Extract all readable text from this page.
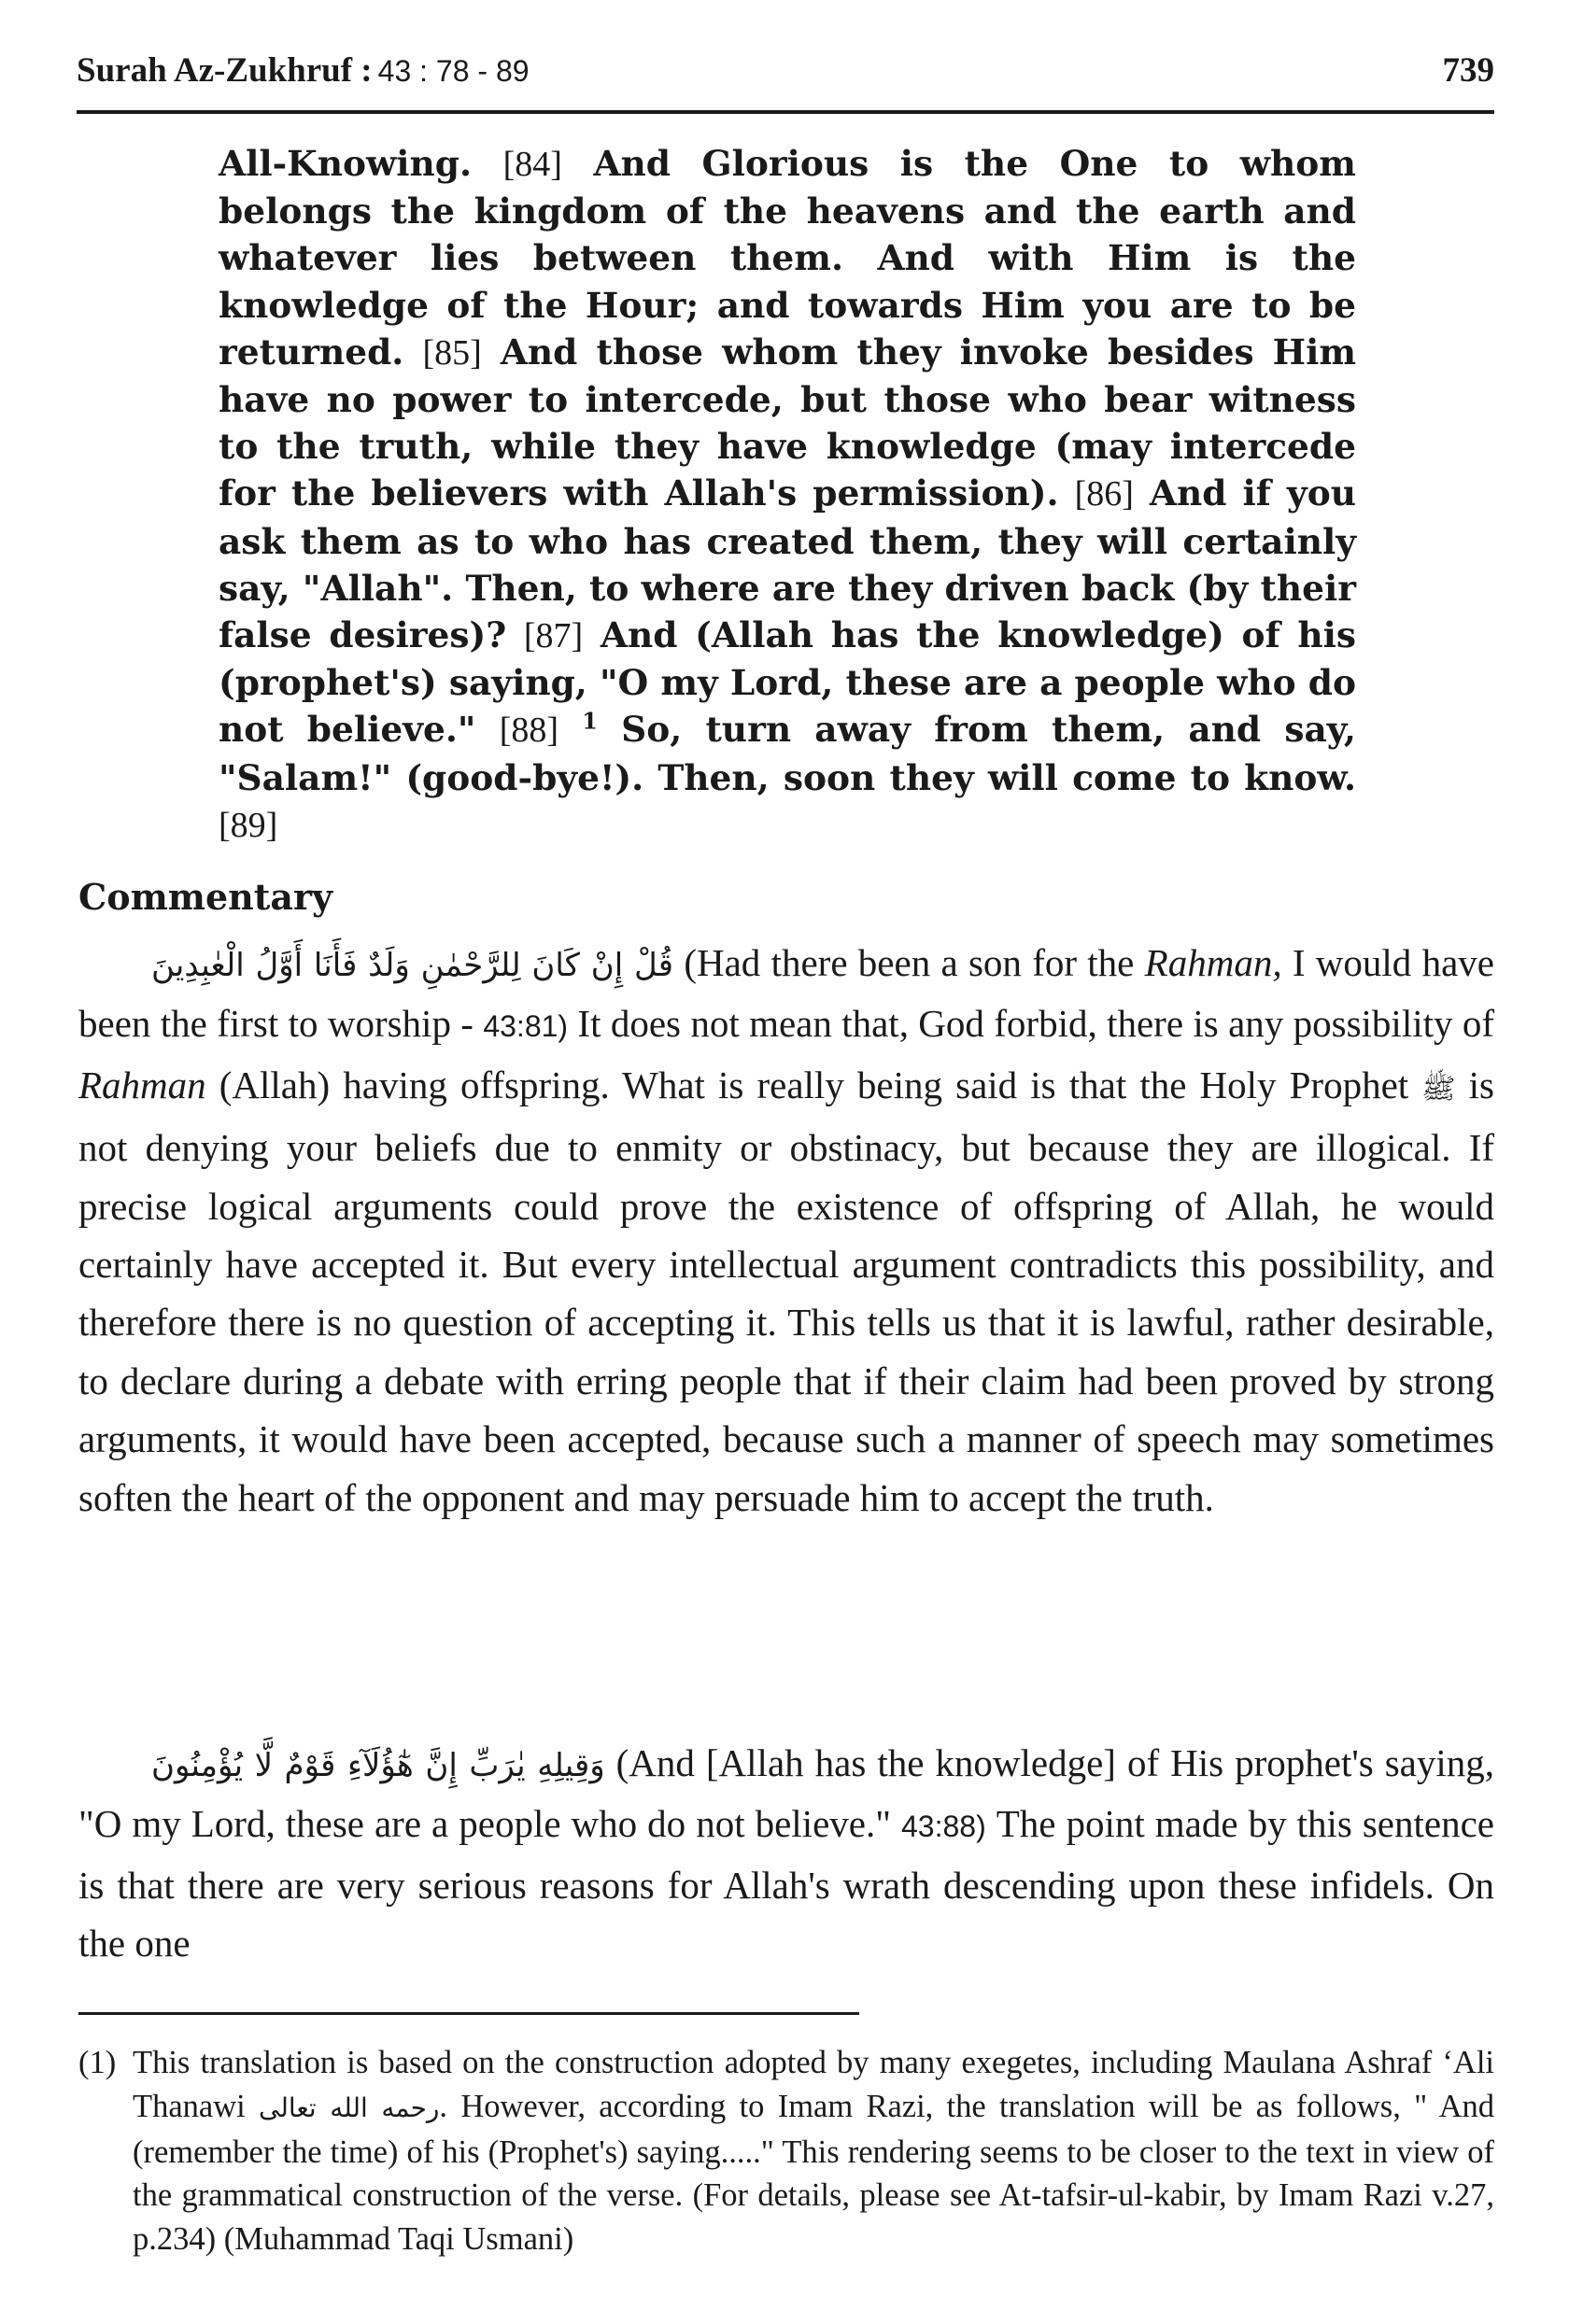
Surah Az-Zukhruf : 43 : 78 - 89	739

All-Knowing. [84] And Glorious is the One to whom belongs the kingdom of the heavens and the earth and whatever lies between them. And with Him is the knowledge of the Hour; and towards Him you are to be returned. [85] And those whom they invoke besides Him have no power to intercede, but those who bear witness to the truth, while they have knowledge (may intercede for the believers with Allah's permission). [86] And if you ask them as to who has created them, they will certainly say, "Allah". Then, to where are they driven back (by their false desires)? [87] And (Allah has the knowledge) of his (prophet's) saying, "O my Lord, these are a people who do not believe." [88] $^1$ So, turn away from them, and say, "Salam!" (good-bye!). Then, soon they will come to know. [89]

Commentary

قُلْ إِنْ كَانَ لِلرَّحْمٰنِ وَلَدٌ فَأَنَا أَوَّلُ الْعٰبِدِينَ (Had there been a son for the Rahman, I would have been the first to worship - 43:81) It does not mean that, God forbid, there is any possibility of Rahman (Allah) having offspring. What is really being said is that the Holy Prophet ﷺ is not denying your beliefs due to enmity or obstinacy, but because they are illogical. If precise logical arguments could prove the existence of offspring of Allah, he would certainly have accepted it. But every intellectual argument contradicts this possibility, and therefore there is no question of accepting it. This tells us that it is lawful, rather desirable, to declare during a debate with erring people that if their claim had been proved by strong arguments, it would have been accepted, because such a manner of speech may sometimes soften the heart of the opponent and may persuade him to accept the truth.

وَقِيلِهِ يٰرَبِّ إِنَّ هٰٓؤُلَآءِ قَوْمٌ لَّا يُؤْمِنُونَ (And [Allah has the knowledge] of His prophet's saying, "O my Lord, these are a people who do not believe." 43:88) The point made by this sentence is that there are very serious reasons for Allah's wrath descending upon these infidels. On the one

(1) This translation is based on the construction adopted by many exegetes, including Maulana Ashraf ‘Ali Thanawi رحمه الله تعالى. However, according to Imam Razi, the translation will be as follows, " And (remember the time) of his (Prophet's) saying....." This rendering seems to be closer to the text in view of the grammatical construction of the verse. (For details, please see At-tafsir-ul-kabir, by Imam Razi v.27, p.234) (Muhammad Taqi Usmani)
